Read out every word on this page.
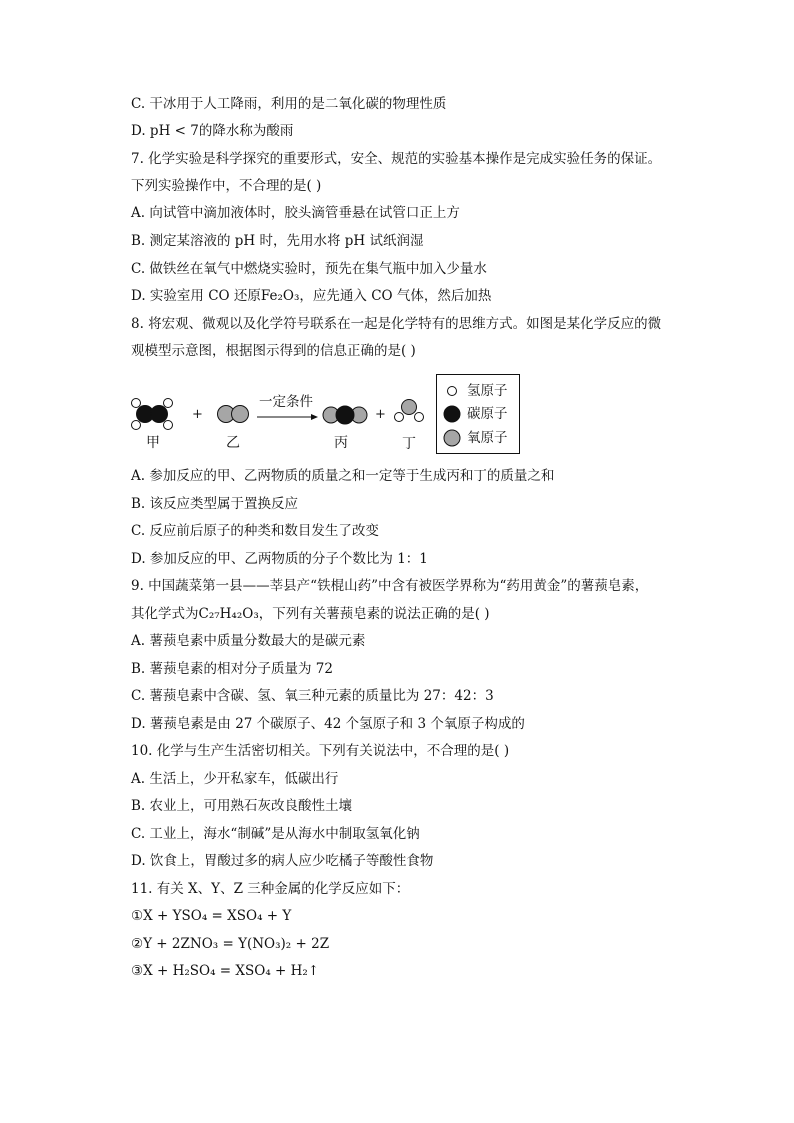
C. 干冰用于人工降雨，利用的是二氧化碳的物理性质

D. pH < 7的降水称为酸雨

7. 化学实验是科学探究的重要形式，安全、规范的实验基本操作是完成实验任务的保证。

下列实验操作中，不合理的是( )

A. 向试管中滴加液体时，胶头滴管垂悬在试管口正上方

B. 测定某溶液的 pH 时，先用水将 pH 试纸润湿

C. 做铁丝在氧气中燃烧实验时，预先在集气瓶中加入少量水

D. 实验室用 CO 还原Fe₂O₃，应先通入 CO 气体，然后加热

8. 将宏观、微观以及化学符号联系在一起是化学特有的思维方式。如图是某化学反应的微

观模型示意图，根据图示得到的信息正确的是( )

甲
+
乙
一定条件
丙
+
丁
氢原子
碳原子
氧原子

A. 参加反应的甲、乙两物质的质量之和一定等于生成丙和丁的质量之和

B. 该反应类型属于置换反应

C. 反应前后原子的种类和数目发生了改变

D. 参加反应的甲、乙两物质的分子个数比为 1：1

9. 中国蔬菜第一县——莘县产“铁棍山药”中含有被医学界称为“药用黄金”的薯蓣皂素，

其化学式为C₂₇H₄₂O₃，下列有关薯蓣皂素的说法正确的是( )

A. 薯蓣皂素中质量分数最大的是碳元素

B. 薯蓣皂素的相对分子质量为 72

C. 薯蓣皂素中含碳、氢、氧三种元素的质量比为 27：42：3

D. 薯蓣皂素是由 27 个碳原子、42 个氢原子和 3 个氧原子构成的

10. 化学与生产生活密切相关。下列有关说法中，不合理的是( )

A. 生活上，少开私家车，低碳出行

B. 农业上，可用熟石灰改良酸性土壤

C. 工业上，海水“制碱”是从海水中制取氢氧化钠

D. 饮食上，胃酸过多的病人应少吃橘子等酸性食物

11. 有关 X、Y、Z 三种金属的化学反应如下：

①X + YSO₄ = XSO₄ + Y

②Y + 2ZNO₃ = Y(NO₃)₂ + 2Z

③X + H₂SO₄ = XSO₄ + H₂↑
